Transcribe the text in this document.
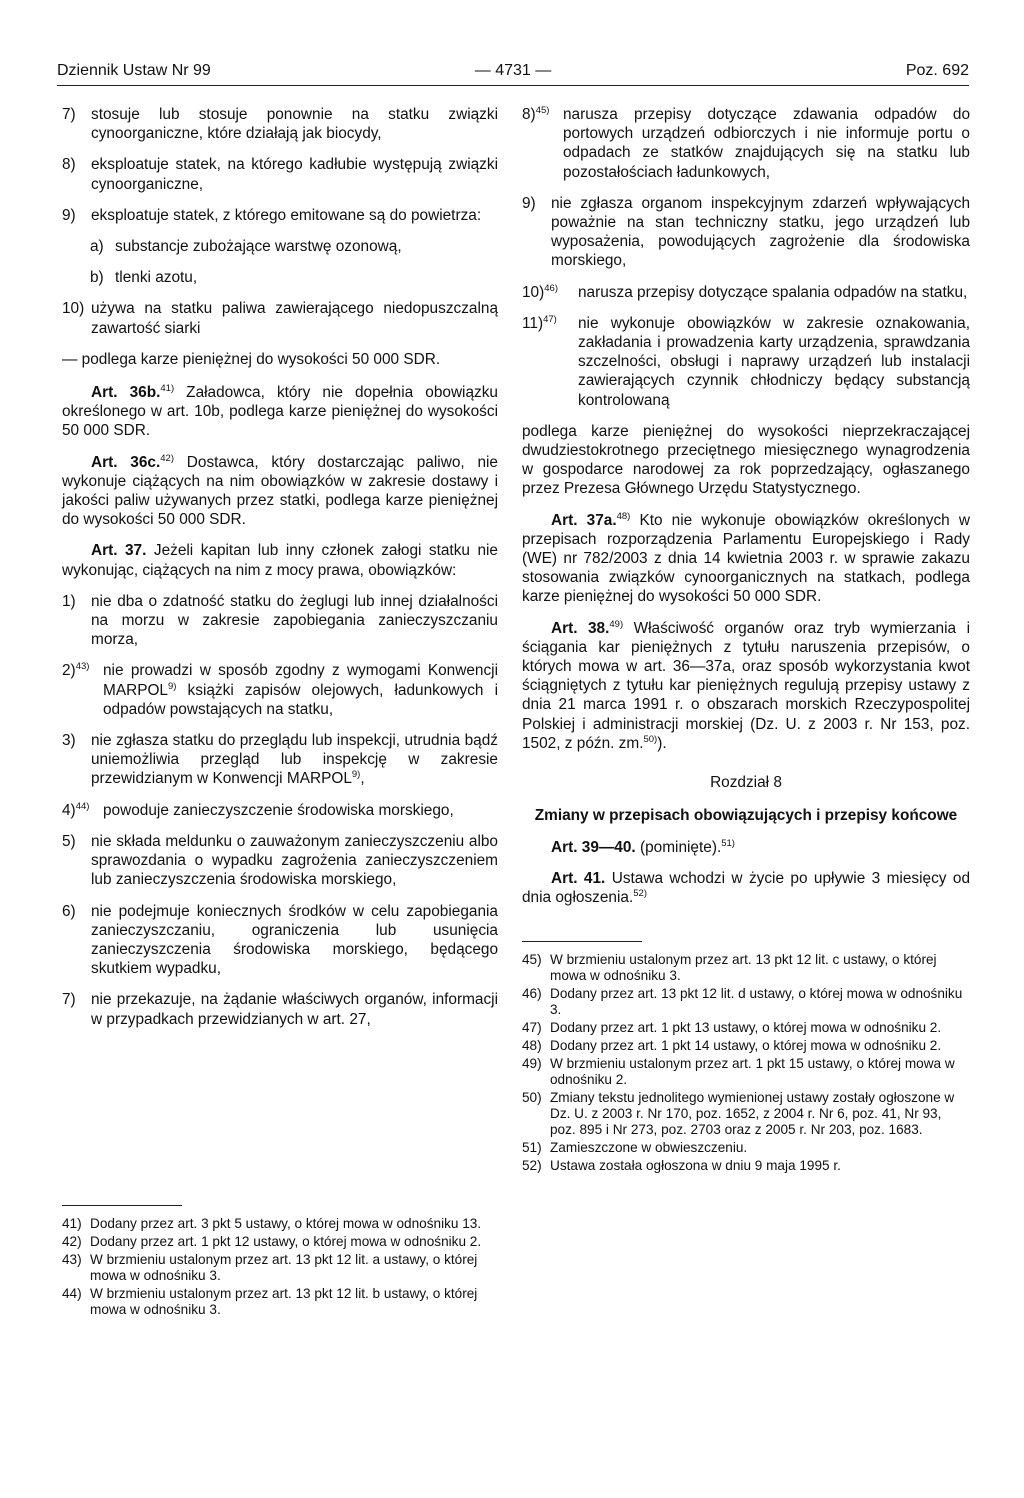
Dziennik Ustaw Nr 99	— 4731 —	Poz. 692
7) stosuje lub stosuje ponownie na statku związki cynoorganiczne, które działają jak biocydy,
8) eksploatuje statek, na którego kadłubie występują związki cynoorganiczne,
9) eksploatuje statek, z którego emitowane są do powietrza:
a) substancje zubożające warstwę ozonową,
b) tlenki azotu,
10) używa na statku paliwa zawierającego niedopuszczalną zawartość siarki

— podlega karze pieniężnej do wysokości 50 000 SDR.

Art. 36b.$^{41)}$ Załadowca, który nie dopełnia obowiązku określonego w art. 10b, podlega karze pieniężnej do wysokości 50 000 SDR.

Art. 36c.$^{42)}$ Dostawca, który dostarczając paliwo, nie wykonuje ciążących na nim obowiązków w zakresie dostawy i jakości paliw używanych przez statki, podlega karze pieniężnej do wysokości 50 000 SDR.

Art. 37. Jeżeli kapitan lub inny członek załogi statku nie wykonując, ciążących na nim z mocy prawa, obowiązków:

1) nie dba o zdatność statku do żeglugi lub innej działalności na morzu w zakresie zapobiegania zanieczyszczaniu morza,
2)$^{43)}$ nie prowadzi w sposób zgodny z wymogami Konwencji MARPOL$^{9)}$ książki zapisów olejowych, ładunkowych i odpadów powstających na statku,
3) nie zgłasza statku do przeglądu lub inspekcji, utrudnia bądź uniemożliwia przegląd lub inspekcję w zakresie przewidzianym w Konwencji MARPOL$^{9)}$,
4)$^{44)}$ powoduje zanieczyszczenie środowiska morskiego,
5) nie składa meldunku o zauważonym zanieczyszczeniu albo sprawozdania o wypadku zagrożenia zanieczyszczeniem lub zanieczyszczenia środowiska morskiego,
6) nie podejmuje koniecznych środków w celu zapobiegania zanieczyszczaniu, ograniczenia lub usunięcia zanieczyszczenia środowiska morskiego, będącego skutkiem wypadku,
7) nie przekazuje, na żądanie właściwych organów, informacji w przypadkach przewidzianych w art. 27,
41) Dodany przez art. 3 pkt 5 ustawy, o której mowa w odnośniku 13.
42) Dodany przez art. 1 pkt 12 ustawy, o której mowa w odnośniku 2.
43) W brzmieniu ustalonym przez art. 13 pkt 12 lit. a ustawy, o której mowa w odnośniku 3.
44) W brzmieniu ustalonym przez art. 13 pkt 12 lit. b ustawy, o której mowa w odnośniku 3.
8)$^{45)}$ narusza przepisy dotyczące zdawania odpadów do portowych urządzeń odbiorczych i nie informuje portu o odpadach ze statków znajdujących się na statku lub pozostałościach ładunkowych,
9) nie zgłasza organom inspekcyjnym zdarzeń wpływających poważnie na stan techniczny statku, jego urządzeń lub wyposażenia, powodujących zagrożenie dla środowiska morskiego,
10)$^{46)}$ narusza przepisy dotyczące spalania odpadów na statku,
11)$^{47)}$ nie wykonuje obowiązków w zakresie oznakowania, zakładania i prowadzenia karty urządzenia, sprawdzania szczelności, obsługi i naprawy urządzeń lub instalacji zawierających czynnik chłodniczy będący substancją kontrolowaną

podlega karze pieniężnej do wysokości nieprzekraczającej dwudziestokrotnego przeciętnego miesięcznego wynagrodzenia w gospodarce narodowej za rok poprzedzający, ogłaszanego przez Prezesa Głównego Urzędu Statystycznego.

Art. 37a.$^{48)}$ Kto nie wykonuje obowiązków określonych w przepisach rozporządzenia Parlamentu Europejskiego i Rady (WE) nr 782/2003 z dnia 14 kwietnia 2003 r. w sprawie zakazu stosowania związków cynoorganicznych na statkach, podlega karze pieniężnej do wysokości 50 000 SDR.

Art. 38.$^{49)}$ Właściwość organów oraz tryb wymierzania i ściągania kar pieniężnych z tytułu naruszenia przepisów, o których mowa w art. 36—37a, oraz sposób wykorzystania kwot ściągniętych z tytułu kar pieniężnych regulują przepisy ustawy z dnia 21 marca 1991 r. o obszarach morskich Rzeczypospolitej Polskiej i administracji morskiej (Dz. U. z 2003 r. Nr 153, poz. 1502, z późn. zm.$^{50)}$).

Rozdział 8

Zmiany w przepisach obowiązujących i przepisy końcowe

Art. 39—40. (pominięte).$^{51)}$

Art. 41. Ustawa wchodzi w życie po upływie 3 miesięcy od dnia ogłoszenia.$^{52)}$

45) W brzmieniu ustalonym przez art. 13 pkt 12 lit. c ustawy, o której mowa w odnośniku 3.
46) Dodany przez art. 13 pkt 12 lit. d ustawy, o której mowa w odnośniku 3.
47) Dodany przez art. 1 pkt 13 ustawy, o której mowa w odnośniku 2.
48) Dodany przez art. 1 pkt 14 ustawy, o której mowa w odnośniku 2.
49) W brzmieniu ustalonym przez art. 1 pkt 15 ustawy, o której mowa w odnośniku 2.
50) Zmiany tekstu jednolitego wymienionej ustawy zostały ogłoszone w Dz. U. z 2003 r. Nr 170, poz. 1652, z 2004 r. Nr 6, poz. 41, Nr 93, poz. 895 i Nr 273, poz. 2703 oraz z 2005 r. Nr 203, poz. 1683.
51) Zamieszczone w obwieszczeniu.
52) Ustawa została ogłoszona w dniu 9 maja 1995 r.
